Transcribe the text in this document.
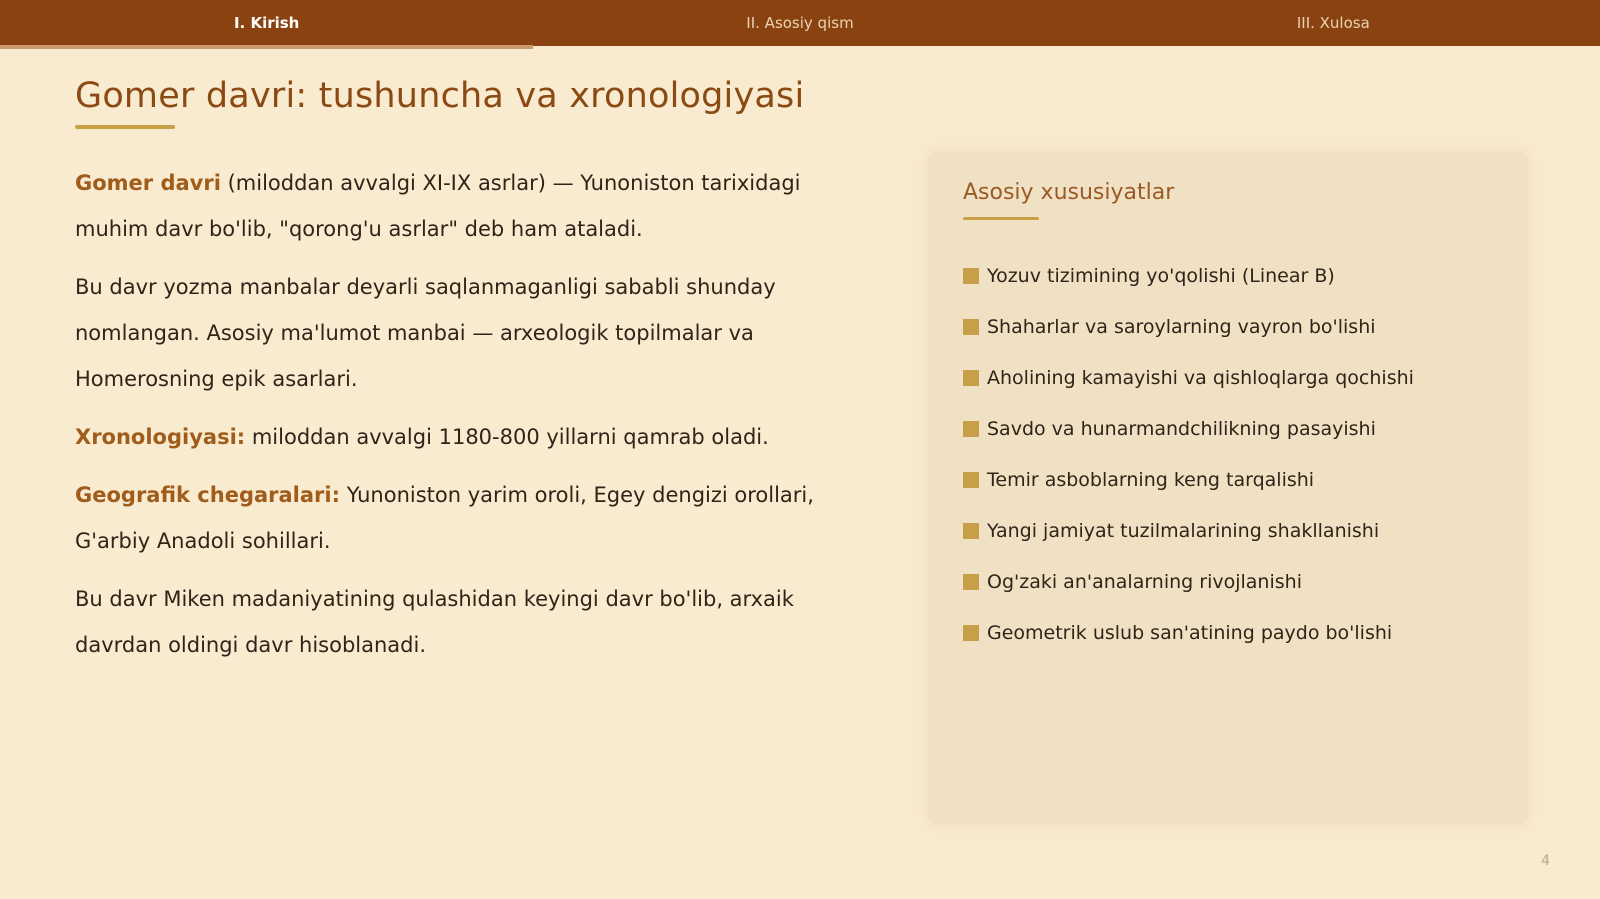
I. Kirish	II. Asosiy qism	III. Xulosa
Gomer davri: tushuncha va xronologiyasi

Gomer davri (miloddan avvalgi XI-IX asrlar) — Yunoniston tarixidagi muhim davr bo'lib, "qorong'u asrlar" deb ham ataladi.

Bu davr yozma manbalar deyarli saqlanmaganligi sababli shunday nomlangan. Asosiy ma'lumot manbai — arxeologik topilmalar va Homerosning epik asarlari.

Xronologiyasi: miloddan avvalgi 1180-800 yillarni qamrab oladi.

Geografik chegaralari: Yunoniston yarim oroli, Egey dengizi orollari, G'arbiy Anadoli sohillari.

Bu davr Miken madaniyatining qulashidan keyingi davr bo'lib, arxaik davrdan oldingi davr hisoblanadi.

Asosiy xususiyatlar
Yozuv tizimining yo'qolishi (Linear B)
Shaharlar va saroylarning vayron bo'lishi
Aholining kamayishi va qishloqlarga qochishi
Savdo va hunarmandchilikning pasayishi
Temir asboblarning keng tarqalishi
Yangi jamiyat tuzilmalarining shakllanishi
Og'zaki an'analarning rivojlanishi
Geometrik uslub san'atining paydo bo'lishi
4
